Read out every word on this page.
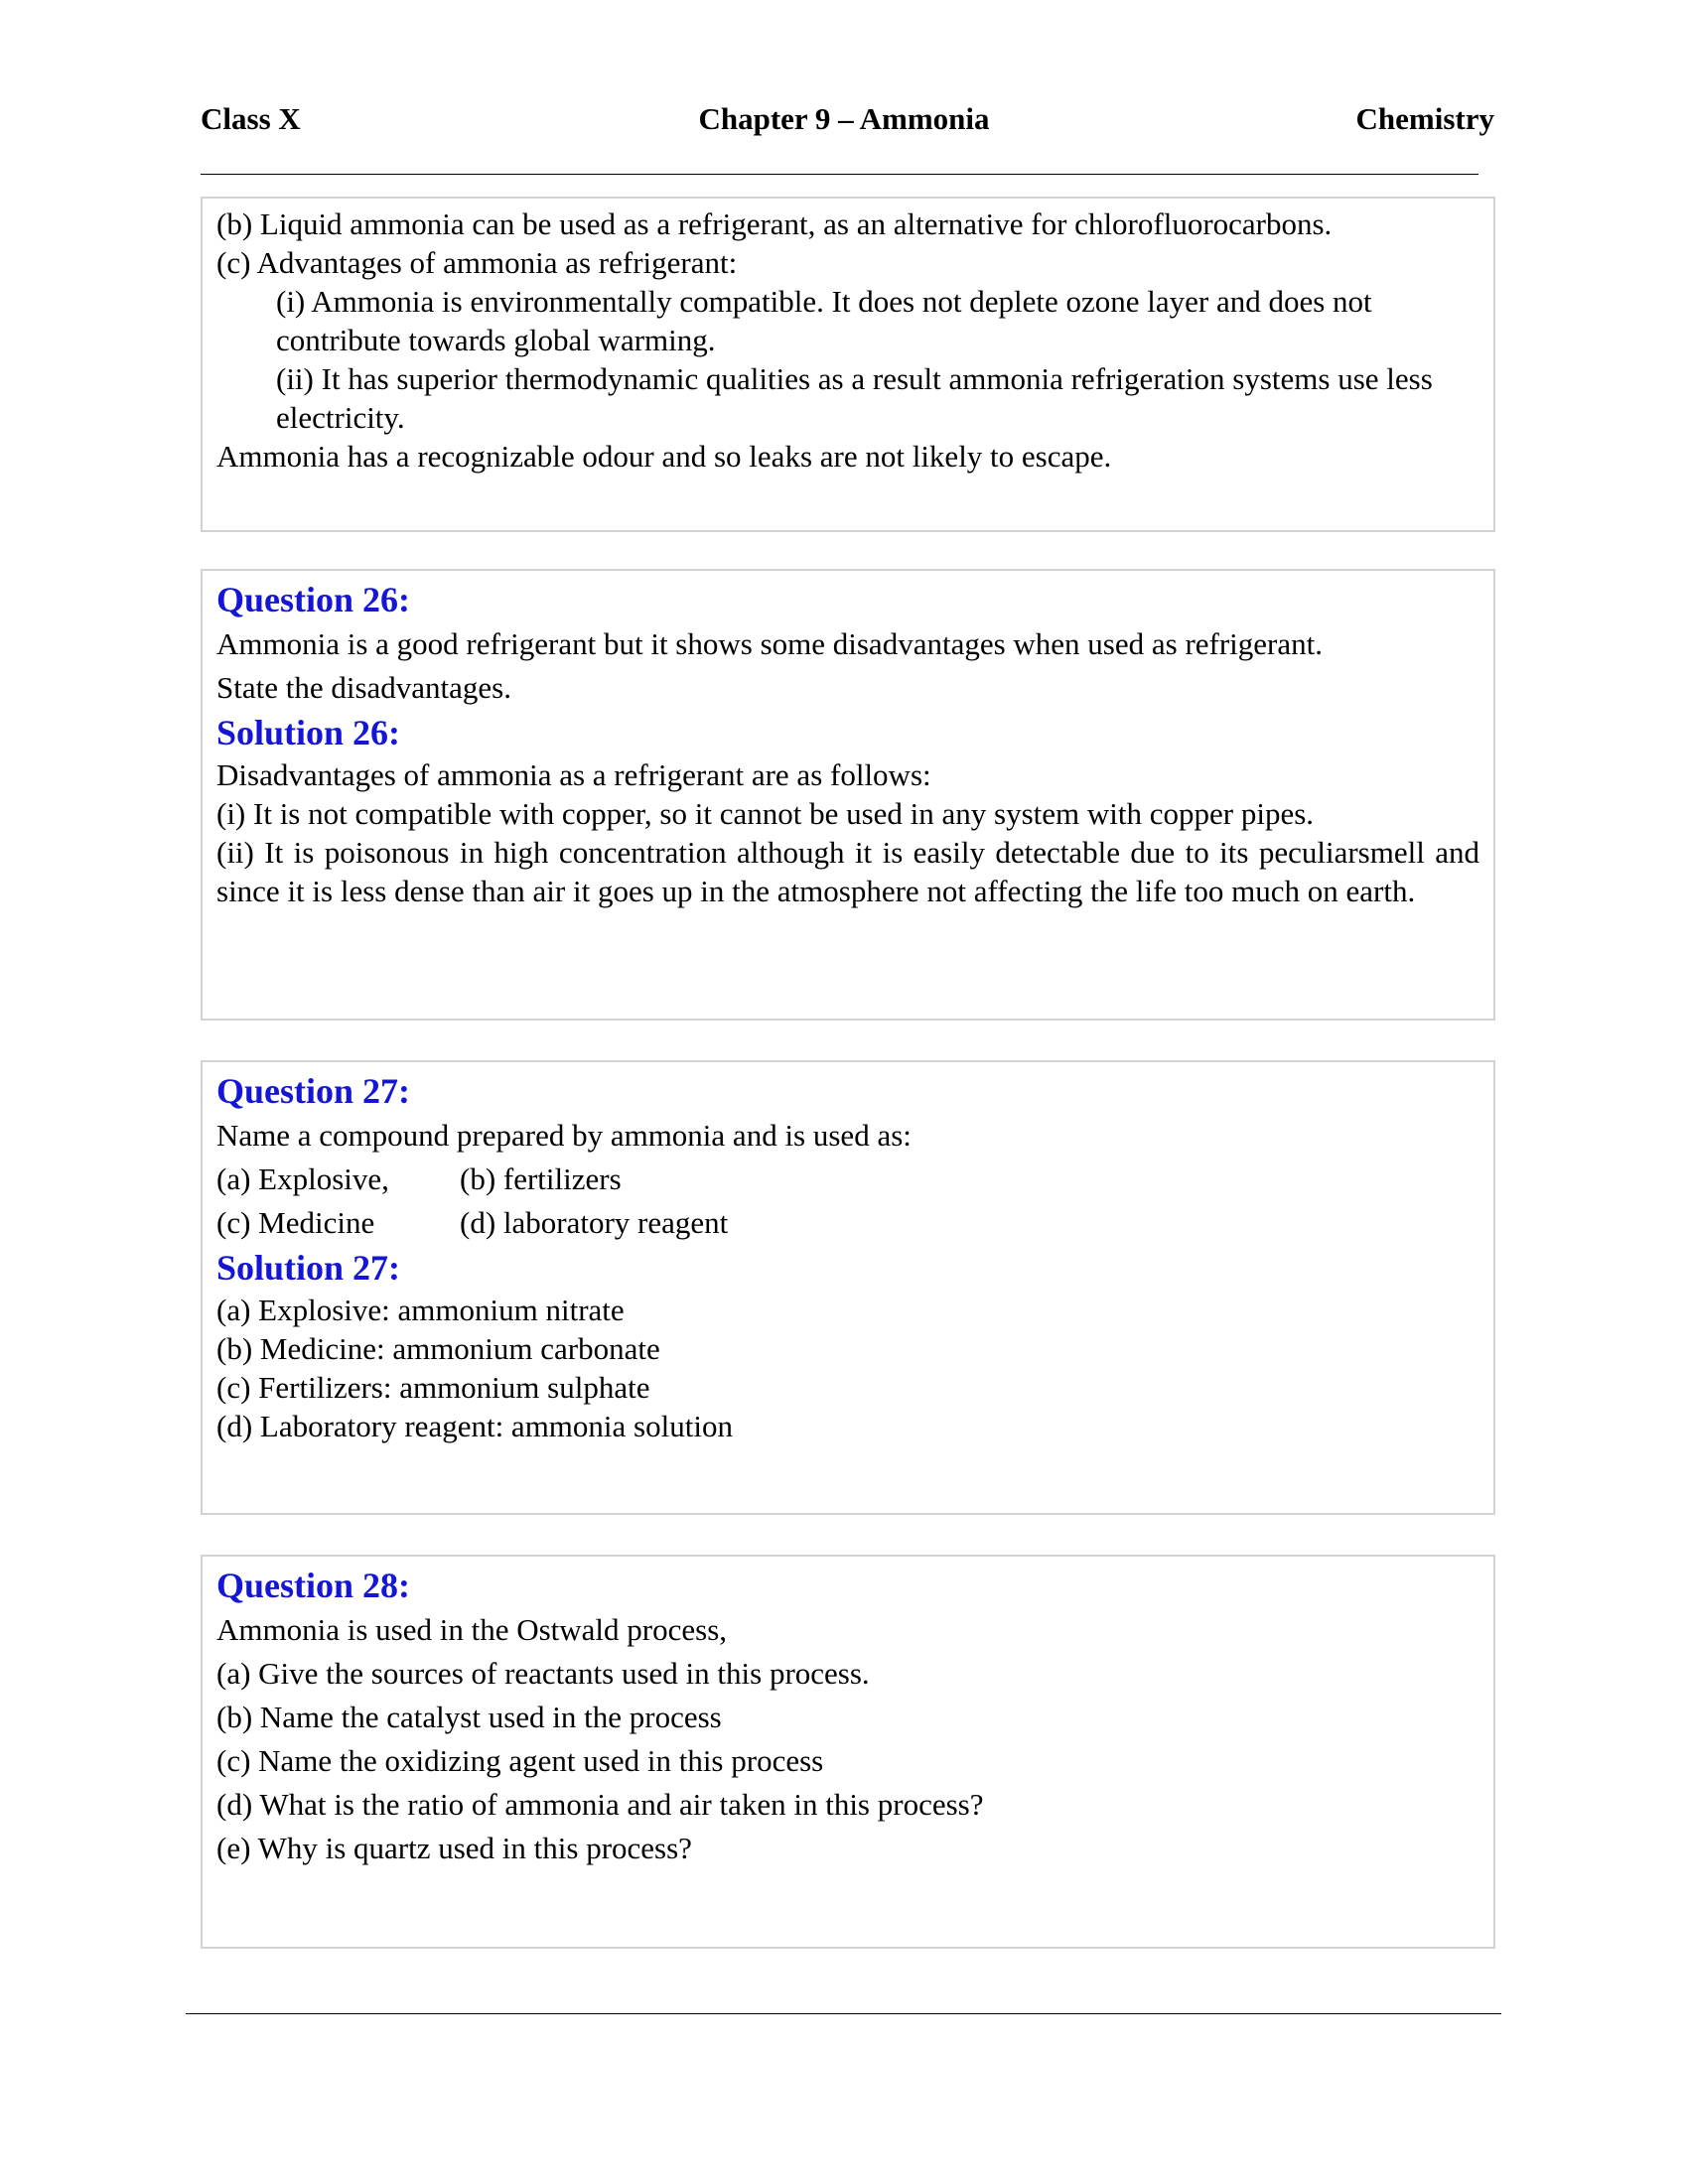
Class X	Chapter 9 – Ammonia	Chemistry

(b) Liquid ammonia can be used as a refrigerant, as an alternative for chlorofluorocarbons.

(c) Advantages of ammonia as refrigerant:

(i) Ammonia is environmentally compatible. It does not deplete ozone layer and does not contribute towards global warming.

(ii) It has superior thermodynamic qualities as a result ammonia refrigeration systems use less electricity.

Ammonia has a recognizable odour and so leaks are not likely to escape.

Question 26:

Ammonia is a good refrigerant but it shows some disadvantages when used as refrigerant.

State the disadvantages.

Solution 26:

Disadvantages of ammonia as a refrigerant are as follows:

(i) It is not compatible with copper, so it cannot be used in any system with copper pipes.

(ii) It is poisonous in high concentration although it is easily detectable due to its peculiarsmell and since it is less dense than air it goes up in the atmosphere not affecting the life too much on earth.

Question 27:

Name a compound prepared by ammonia and is used as:

(a) Explosive,	(b) fertilizers
(c) Medicine	(d) laboratory reagent

Solution 27:

(a) Explosive: ammonium nitrate

(b) Medicine: ammonium carbonate

(c) Fertilizers: ammonium sulphate

(d) Laboratory reagent: ammonia solution

Question 28:

Ammonia is used in the Ostwald process,

(a) Give the sources of reactants used in this process.

(b) Name the catalyst used in the process

(c) Name the oxidizing agent used in this process

(d) What is the ratio of ammonia and air taken in this process?

(e) Why is quartz used in this process?
